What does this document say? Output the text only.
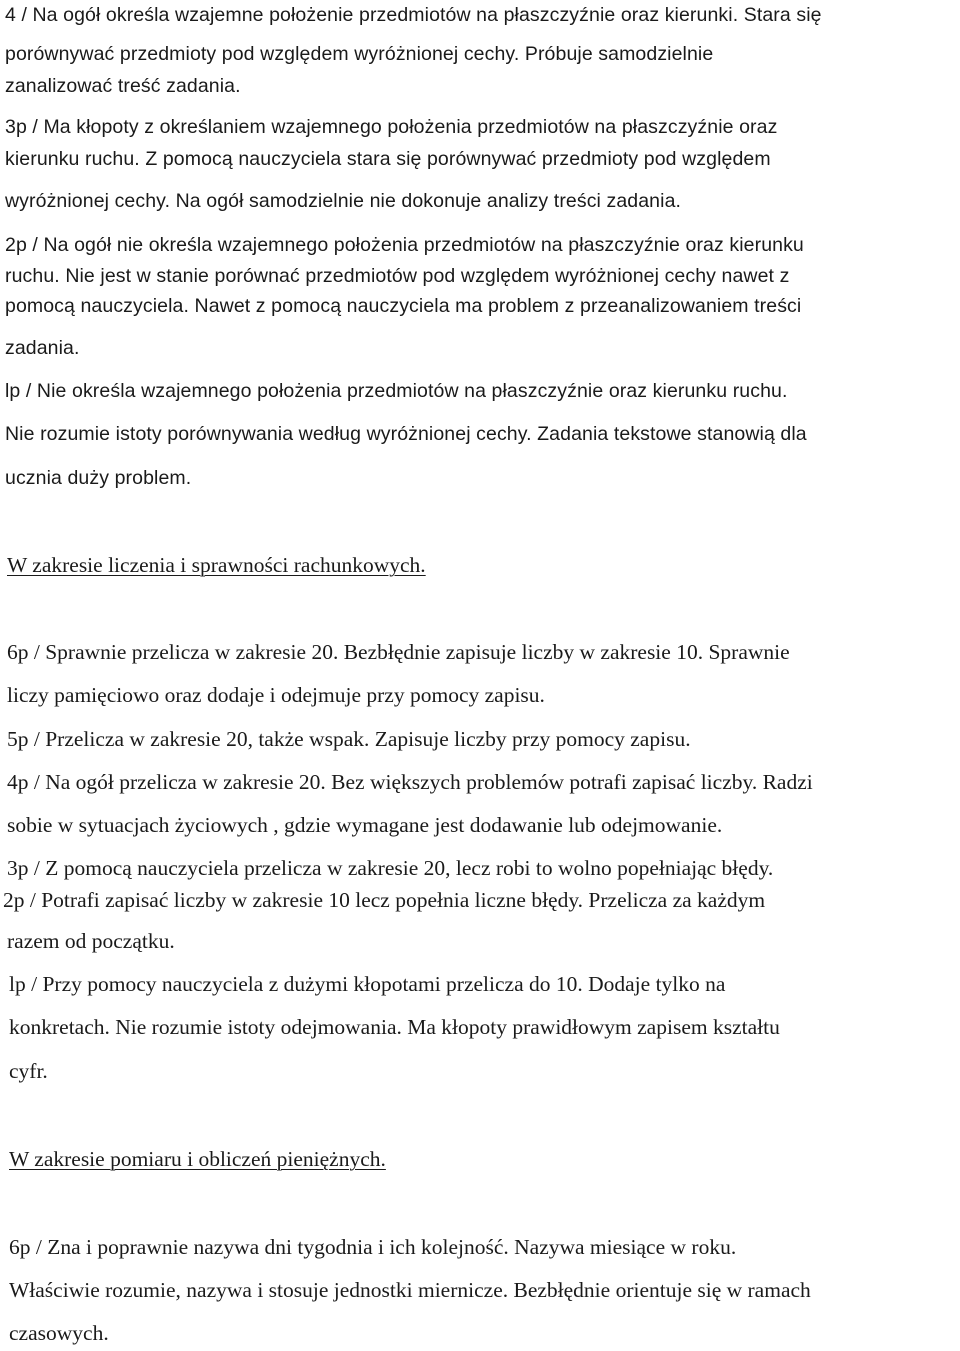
4 / Na ogół określa wzajemne położenie przedmiotów na płaszczyźnie oraz kierunki. Stara się
porównywać przedmioty pod względem wyróżnionej cechy. Próbuje samodzielnie
zanalizować treść zadania.
3p / Ma kłopoty z określaniem wzajemnego położenia przedmiotów na płaszczyźnie oraz
kierunku ruchu. Z pomocą nauczyciela stara się porównywać przedmioty pod względem
wyróżnionej cechy. Na ogół samodzielnie nie dokonuje analizy treści zadania.
2p / Na ogół nie określa wzajemnego położenia przedmiotów na płaszczyźnie oraz kierunku
ruchu. Nie jest w stanie porównać przedmiotów pod względem wyróżnionej cechy nawet z
pomocą nauczyciela. Nawet z pomocą nauczyciela ma problem z przeanalizowaniem treści
zadania.
lp / Nie określa wzajemnego położenia przedmiotów na płaszczyźnie oraz kierunku ruchu.
Nie rozumie istoty porównywania według wyróżnionej cechy. Zadania tekstowe stanowią dla
ucznia duży problem.
W zakresie liczenia i sprawności rachunkowych.
6p / Sprawnie przelicza w zakresie 20. Bezbłędnie zapisuje liczby w zakresie 10. Sprawnie
liczy pamięciowo oraz dodaje i odejmuje przy pomocy zapisu.
5p / Przelicza w zakresie 20, także wspak. Zapisuje liczby przy pomocy zapisu.
4p / Na ogół przelicza w zakresie 20. Bez większych problemów potrafi zapisać liczby. Radzi
sobie w sytuacjach życiowych , gdzie wymagane jest dodawanie lub odejmowanie.
3p / Z pomocą nauczyciela przelicza w zakresie 20, lecz robi to wolno popełniając błędy.
2p / Potrafi zapisać liczby w zakresie 10 lecz popełnia liczne błędy. Przelicza za każdym
razem od początku.
lp / Przy pomocy nauczyciela z dużymi kłopotami przelicza do 10. Dodaje tylko na
konkretach. Nie rozumie istoty odejmowania. Ma kłopoty prawidłowym zapisem kształtu
cyfr.
W zakresie pomiaru i obliczeń pieniężnych.
6p / Zna i poprawnie nazywa dni tygodnia i ich kolejność. Nazywa miesiące w roku.
Właściwie rozumie, nazywa i stosuje jednostki miernicze. Bezbłędnie orientuje się w ramach
czasowych.
